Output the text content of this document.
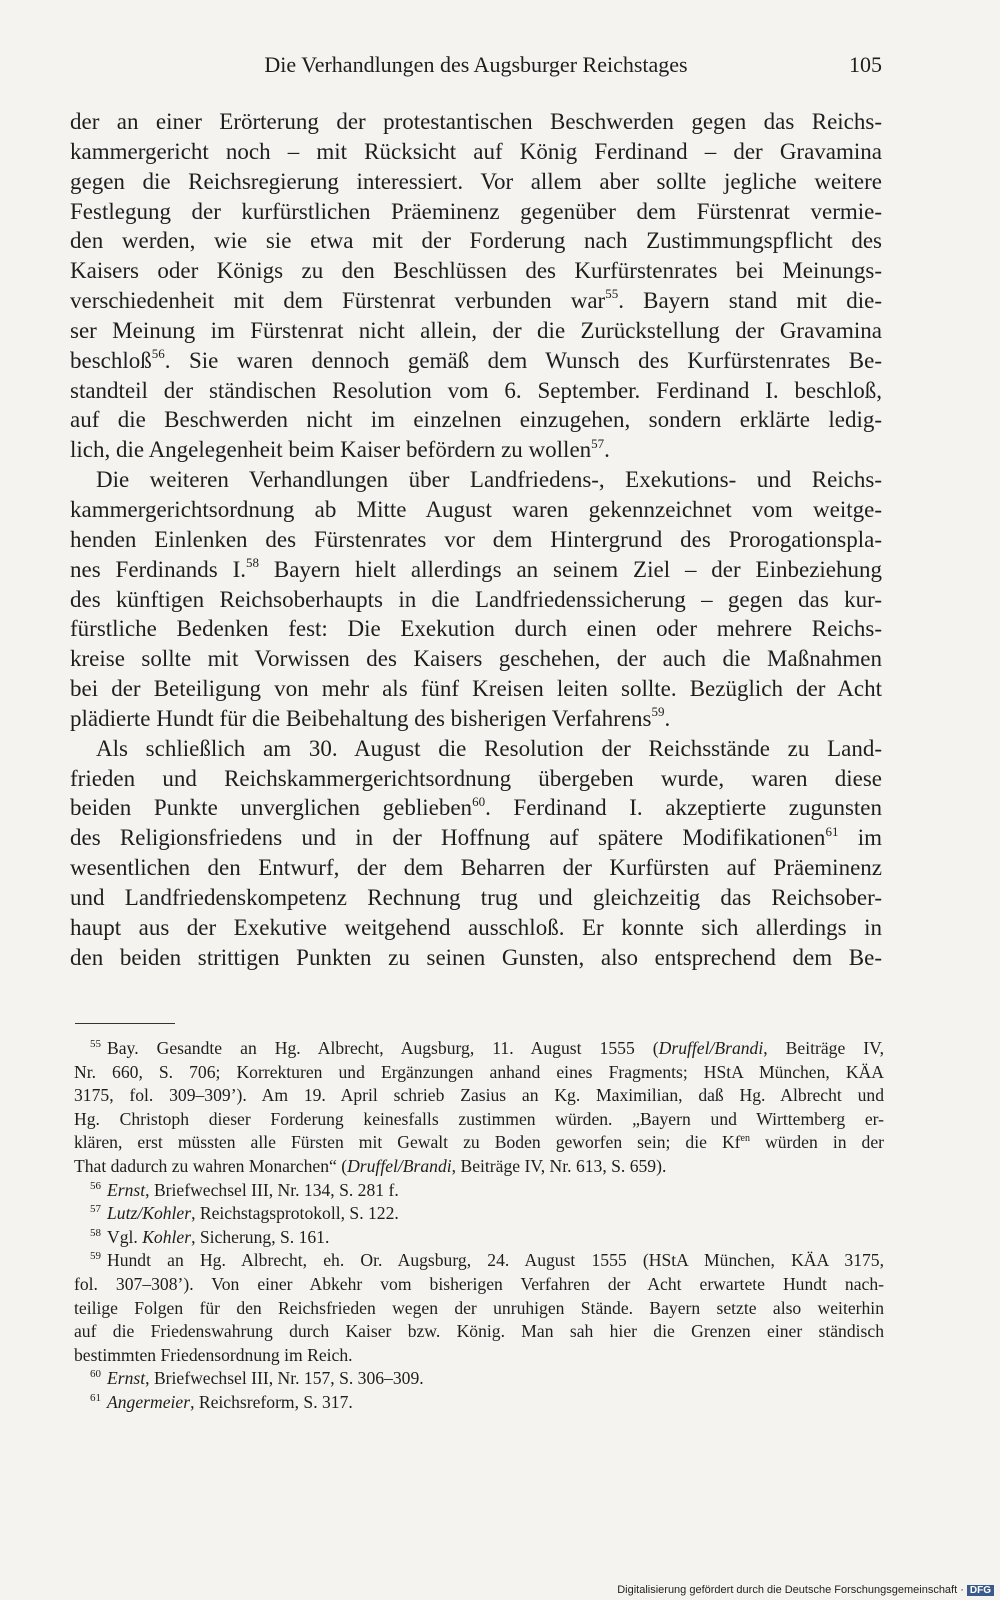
Die Verhandlungen des Augsburger Reichstages	105
der an einer Erörterung der protestantischen Beschwerden gegen das Reichs-
kammergericht noch – mit Rücksicht auf König Ferdinand – der Gravamina
gegen die Reichsregierung interessiert. Vor allem aber sollte jegliche weitere
Festlegung der kurfürstlichen Präeminenz gegenüber dem Fürstenrat vermie-
den werden, wie sie etwa mit der Forderung nach Zustimmungspflicht des
Kaisers oder Königs zu den Beschlüssen des Kurfürstenrates bei Meinungs-
verschiedenheit mit dem Fürstenrat verbunden war$^{55}$. Bayern stand mit die-
ser Meinung im Fürstenrat nicht allein, der die Zurückstellung der Gravamina
beschloß$^{56}$. Sie waren dennoch gemäß dem Wunsch des Kurfürstenrates Be-
standteil der ständischen Resolution vom 6. September. Ferdinand I. beschloß,
auf die Beschwerden nicht im einzelnen einzugehen, sondern erklärte ledig-
lich, die Angelegenheit beim Kaiser befördern zu wollen$^{57}$.
Die weiteren Verhandlungen über Landfriedens-, Exekutions- und Reichs-
kammergerichtsordnung ab Mitte August waren gekennzeichnet vom weitge-
henden Einlenken des Fürstenrates vor dem Hintergrund des Prorogationspla-
nes Ferdinands I.$^{58}$ Bayern hielt allerdings an seinem Ziel – der Einbeziehung
des künftigen Reichsoberhaupts in die Landfriedenssicherung – gegen das kur-
fürstliche Bedenken fest: Die Exekution durch einen oder mehrere Reichs-
kreise sollte mit Vorwissen des Kaisers geschehen, der auch die Maßnahmen
bei der Beteiligung von mehr als fünf Kreisen leiten sollte. Bezüglich der Acht
plädierte Hundt für die Beibehaltung des bisherigen Verfahrens$^{59}$.
Als schließlich am 30. August die Resolution der Reichsstände zu Land-
frieden und Reichskammergerichtsordnung übergeben wurde, waren diese
beiden Punkte unverglichen geblieben$^{60}$. Ferdinand I. akzeptierte zugunsten
des Religionsfriedens und in der Hoffnung auf spätere Modifikationen$^{61}$ im
wesentlichen den Entwurf, der dem Beharren der Kurfürsten auf Präeminenz
und Landfriedenskompetenz Rechnung trug und gleichzeitig das Reichsober-
haupt aus der Exekutive weitgehend ausschloß. Er konnte sich allerdings in
den beiden strittigen Punkten zu seinen Gunsten, also entsprechend dem Be-
$^{55}$ Bay. Gesandte an Hg. Albrecht, Augsburg, 11. August 1555 (Druffel/Brandi, Beiträge IV,
Nr. 660, S. 706; Korrekturen und Ergänzungen anhand eines Fragments; HStA München, KÄA
3175, fol. 309–309’). Am 19. April schrieb Zasius an Kg. Maximilian, daß Hg. Albrecht und
Hg. Christoph dieser Forderung keinesfalls zustimmen würden. „Bayern und Wirttemberg er-
klären, erst müssten alle Fürsten mit Gewalt zu Boden geworfen sein; die $Kf^{en}$ würden in der
That dadurch zu wahren Monarchen“ (Druffel/Brandi, Beiträge IV, Nr. 613, S. 659).
$^{56}$ Ernst, Briefwechsel III, Nr. 134, S. 281 f.
$^{57}$ Lutz/Kohler, Reichstagsprotokoll, S. 122.
$^{58}$ Vgl. Kohler, Sicherung, S. 161.
$^{59}$ Hundt an Hg. Albrecht, eh. Or. Augsburg, 24. August 1555 (HStA München, KÄA 3175,
fol. 307–308’). Von einer Abkehr vom bisherigen Verfahren der Acht erwartete Hundt nach-
teilige Folgen für den Reichsfrieden wegen der unruhigen Stände. Bayern setzte also weiterhin
auf die Friedenswahrung durch Kaiser bzw. König. Man sah hier die Grenzen einer ständisch
bestimmten Friedensordnung im Reich.
$^{60}$ Ernst, Briefwechsel III, Nr. 157, S. 306–309.
$^{61}$ Angermeier, Reichsreform, S. 317.
Digitalisierung gefördert durch die Deutsche Forschungsgemeinschaft · DFG
